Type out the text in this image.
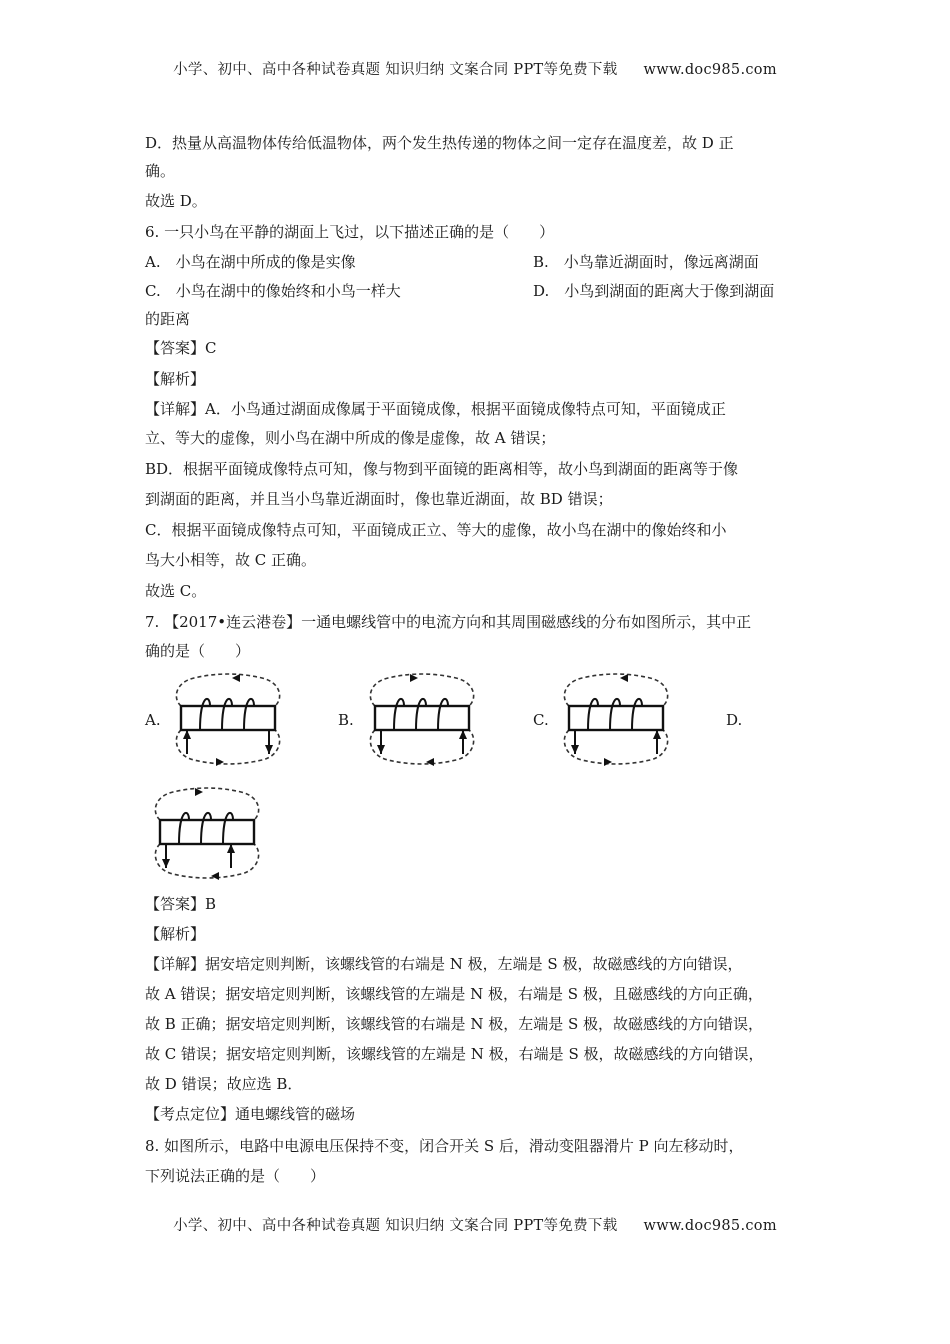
小学、初中、高中各种试卷真题 知识归纳 文案合同 PPT等免费下载 www.doc985.com
D．热量从高温物体传给低温物体，两个发生热传递的物体之间一定存在温度差，故 D 正
确。
故选 D。
6. 一只小鸟在平静的湖面上飞过，以下描述正确的是（　　）
A.　小鸟在湖中所成的像是实像	B.　小鸟靠近湖面时，像远离湖面
C.　小鸟在湖中的像始终和小鸟一样大	D.　小鸟到湖面的距离大于像到湖面
的距离
【答案】C
【解析】
【详解】A．小鸟通过湖面成像属于平面镜成像，根据平面镜成像特点可知，平面镜成正
立、等大的虚像，则小鸟在湖中所成的像是虚像，故 A 错误；
BD．根据平面镜成像特点可知，像与物到平面镜的距离相等，故小鸟到湖面的距离等于像
到湖面的距离，并且当小鸟靠近湖面时，像也靠近湖面，故 BD 错误；
C．根据平面镜成像特点可知，平面镜成正立、等大的虚像，故小鸟在湖中的像始终和小
鸟大小相等，故 C 正确。
故选 C。
7. 【2017•连云港卷】一通电螺线管中的电流方向和其周围磁感线的分布如图所示，其中正
确的是（　　）
A.	B.	C.	D.
【答案】B
【解析】
【详解】据安培定则判断，该螺线管的右端是 N 极，左端是 S 极，故磁感线的方向错误，
故 A 错误；据安培定则判断，该螺线管的左端是 N 极，右端是 S 极，且磁感线的方向正确，
故 B 正确；据安培定则判断，该螺线管的右端是 N 极，左端是 S 极，故磁感线的方向错误，
故 C 错误；据安培定则判断，该螺线管的左端是 N 极，右端是 S 极，故磁感线的方向错误，
故 D 错误；故应选 B．
【考点定位】通电螺线管的磁场
8. 如图所示，电路中电源电压保持不变，闭合开关 S 后，滑动变阻器滑片 P 向左移动时，
下列说法正确的是（　　）
小学、初中、高中各种试卷真题 知识归纳 文案合同 PPT等免费下载 www.doc985.com
